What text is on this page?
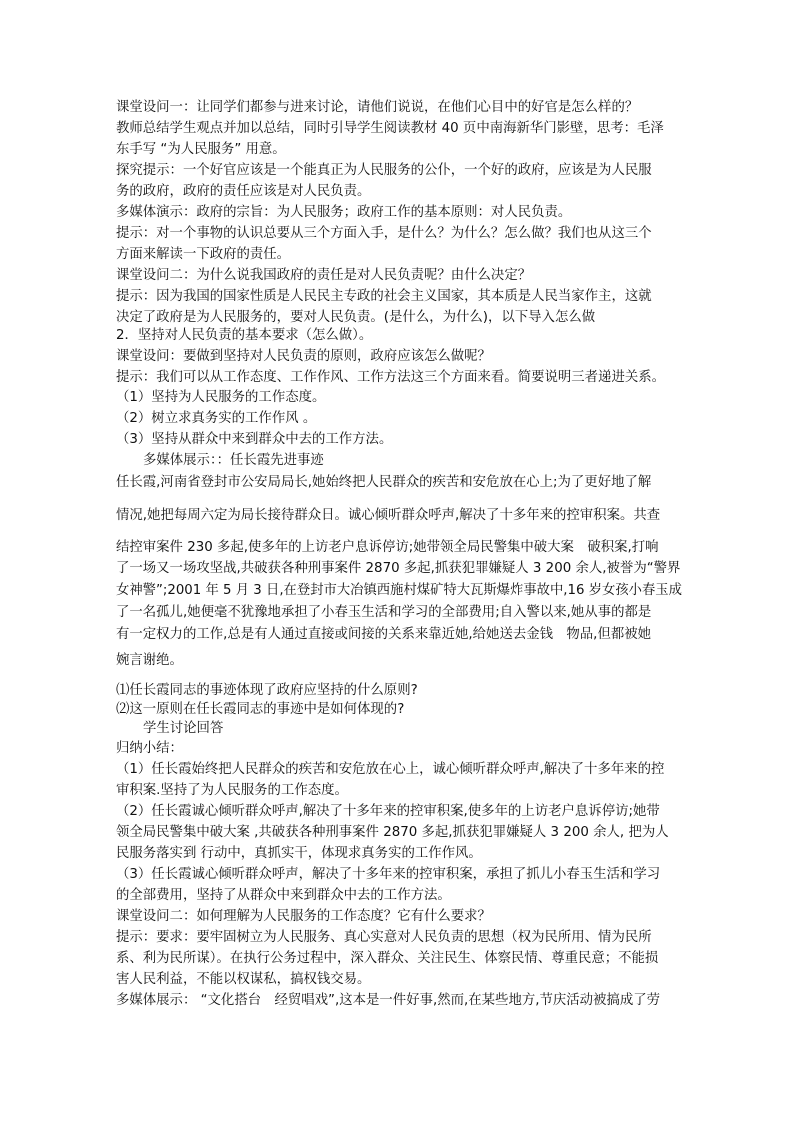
课堂设问一：让同学们都参与进来讨论，请他们说说，在他们心目中的好官是怎么样的？
教师总结学生观点并加以总结，同时引导学生阅读教材 40 页中南海新华门影壁，思考：毛泽
东手写 “为人民服务” 用意。
探究提示：一个好官应该是一个能真正为人民服务的公仆，一个好的政府，应该是为人民服
务的政府，政府的责任应该是对人民负责。
多媒体演示：政府的宗旨：为人民服务；政府工作的基本原则：对人民负责。
提示：对一个事物的认识总要从三个方面入手，是什么？为什么？怎么做？我们也从这三个
方面来解读一下政府的责任。
课堂设问二：为什么说我国政府的责任是对人民负责呢？由什么决定？
提示：因为我国的国家性质是人民民主专政的社会主义国家，其本质是人民当家作主，这就
决定了政府是为人民服务的，要对人民负责。(是什么，为什么)，以下导入怎么做
2．坚持对人民负责的基本要求（怎么做）。
课堂设问：要做到坚持对人民负责的原则，政府应该怎么做呢？
提示：我们可以从工作态度、工作作风、工作方法这三个方面来看。简要说明三者递进关系。
（1）坚持为人民服务的工作态度。
（2）树立求真务实的工作作风 。
（3）坚持从群众中来到群众中去的工作方法。
多媒体展示：：任长霞先进事迹
任长霞,河南省登封市公安局局长,她始终把人民群众的疾苦和安危放在心上;为了更好地了解
情况,她把每周六定为局长接待群众日。诚心倾听群众呼声,解决了十多年来的控审积案。共查
结控审案件 230 多起,使多年的上访老户息诉停访;她带领全局民警集中破大案　破积案,打响
了一场又一场攻坚战,共破获各种刑事案件 2870 多起,抓获犯罪嫌疑人 3 200 余人,被誉为“警界
女神警”;2001 年 5 月 3 日,在登封市大冶镇西施村煤矿特大瓦斯爆炸事故中,16 岁女孩小春玉成
了一名孤儿,她便毫不犹豫地承担了小春玉生活和学习的全部费用;自入警以来,她从事的都是
有一定权力的工作,总是有人通过直接或间接的关系来靠近她,给她送去金钱　物品,但都被她
婉言谢绝。
⑴任长霞同志的事迹体现了政府应坚持的什么原则?
⑵这一原则在任长霞同志的事迹中是如何体现的?
学生讨论回答
归纳小结：
（1）任长霞始终把人民群众的疾苦和安危放在心上，诚心倾听群众呼声,解决了十多年来的控
审积案.坚持了为人民服务的工作态度。
（2）任长霞诚心倾听群众呼声,解决了十多年来的控审积案,使多年的上访老户息诉停访;她带
领全局民警集中破大案 ,共破获各种刑事案件 2870 多起,抓获犯罪嫌疑人 3 200 余人, 把为人
民服务落实到 行动中，真抓实干，体现求真务实的工作作风。
（3）任长霞诚心倾听群众呼声，解决了十多年来的控审积案，承担了抓儿小春玉生活和学习
的全部费用，坚持了从群众中来到群众中去的工作方法。
课堂设问二：如何理解为人民服务的工作态度？它有什么要求？
提示：要求：要牢固树立为人民服务、真心实意对人民负责的思想（权为民所用、情为民所
系、利为民所谋）。在执行公务过程中，深入群众、关注民生、体察民情、尊重民意；不能损
害人民利益，不能以权谋私，搞权钱交易。
多媒体展示： “文化搭台　经贸唱戏”,这本是一件好事,然而,在某些地方,节庆活动被搞成了劳
